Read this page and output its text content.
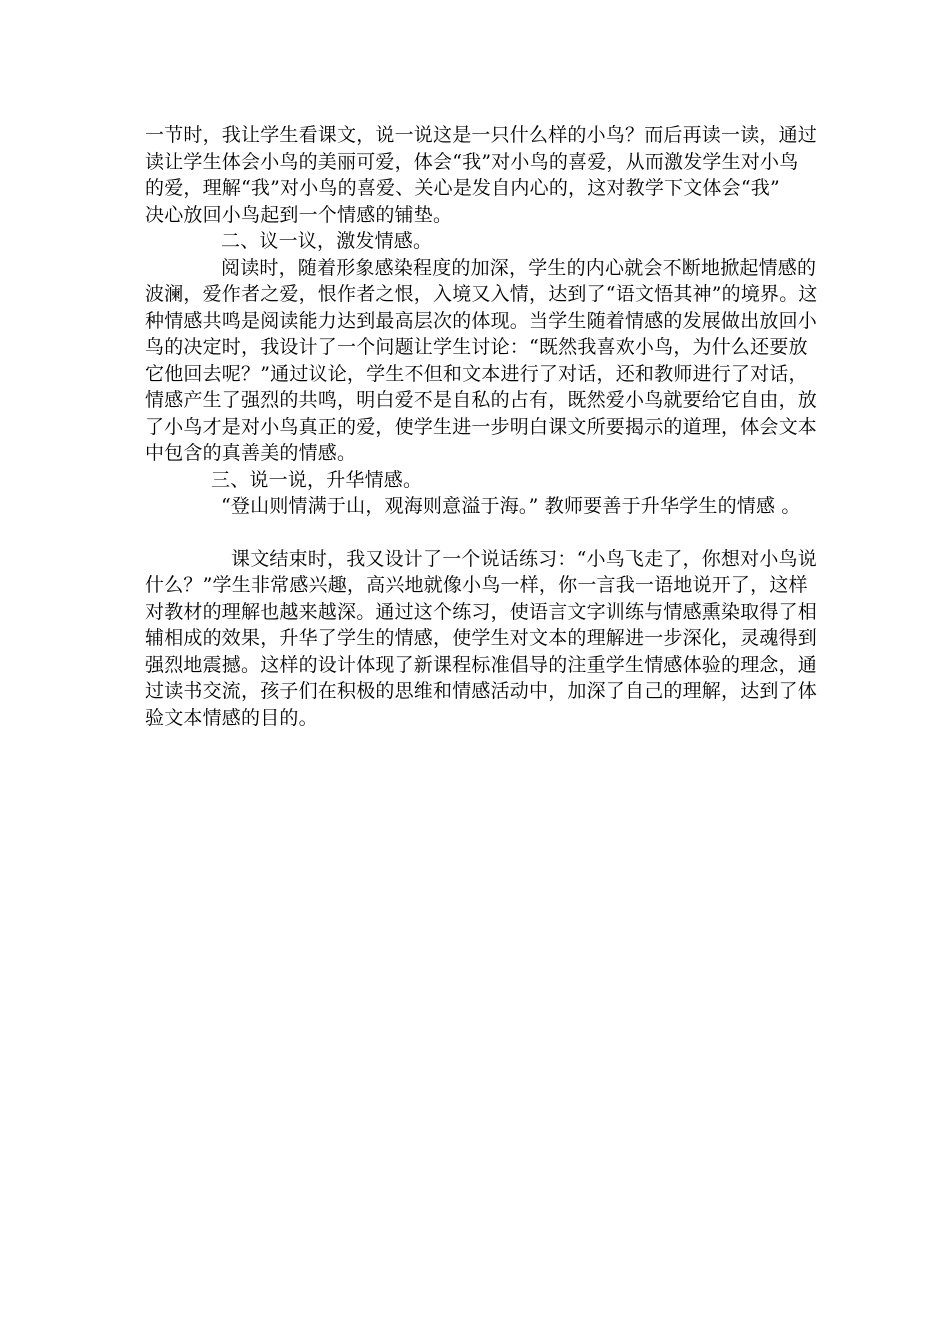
一节时，我让学生看课文，说一说这是一只什么样的小鸟？而后再读一读，通过
读让学生体会小鸟的美丽可爱，体会“我”对小鸟的喜爱，从而激发学生对小鸟
的爱，理解“我”对小鸟的喜爱、关心是发自内心的，这对教学下文体会“我”
决心放回小鸟起到一个情感的铺垫。
二、议一议，激发情感。
阅读时，随着形象感染程度的加深，学生的内心就会不断地掀起情感的
波澜，爱作者之爱，恨作者之恨，入境又入情，达到了“语文悟其神”的境界。这
种情感共鸣是阅读能力达到最高层次的体现。当学生随着情感的发展做出放回小
鸟的决定时，我设计了一个问题让学生讨论：“既然我喜欢小鸟，为什么还要放
它他回去呢？”通过议论，学生不但和文本进行了对话，还和教师进行了对话，
情感产生了强烈的共鸣，明白爱不是自私的占有，既然爱小鸟就要给它自由，放
了小鸟才是对小鸟真正的爱，使学生进一步明白课文所要揭示的道理，体会文本
中包含的真善美的情感。
三、说一说，升华情感。
“登山则情满于山，观海则意溢于海。” 教师要善于升华学生的情感 。
课文结束时，我又设计了一个说话练习：“小鸟飞走了，你想对小鸟说
什么？”学生非常感兴趣，高兴地就像小鸟一样，你一言我一语地说开了，这样
对教材的理解也越来越深。通过这个练习，使语言文字训练与情感熏染取得了相
辅相成的效果，升华了学生的情感，使学生对文本的理解进一步深化，灵魂得到
强烈地震撼。这样的设计体现了新课程标准倡导的注重学生情感体验的理念，通
过读书交流，孩子们在积极的思维和情感活动中，加深了自己的理解，达到了体
验文本情感的目的。
